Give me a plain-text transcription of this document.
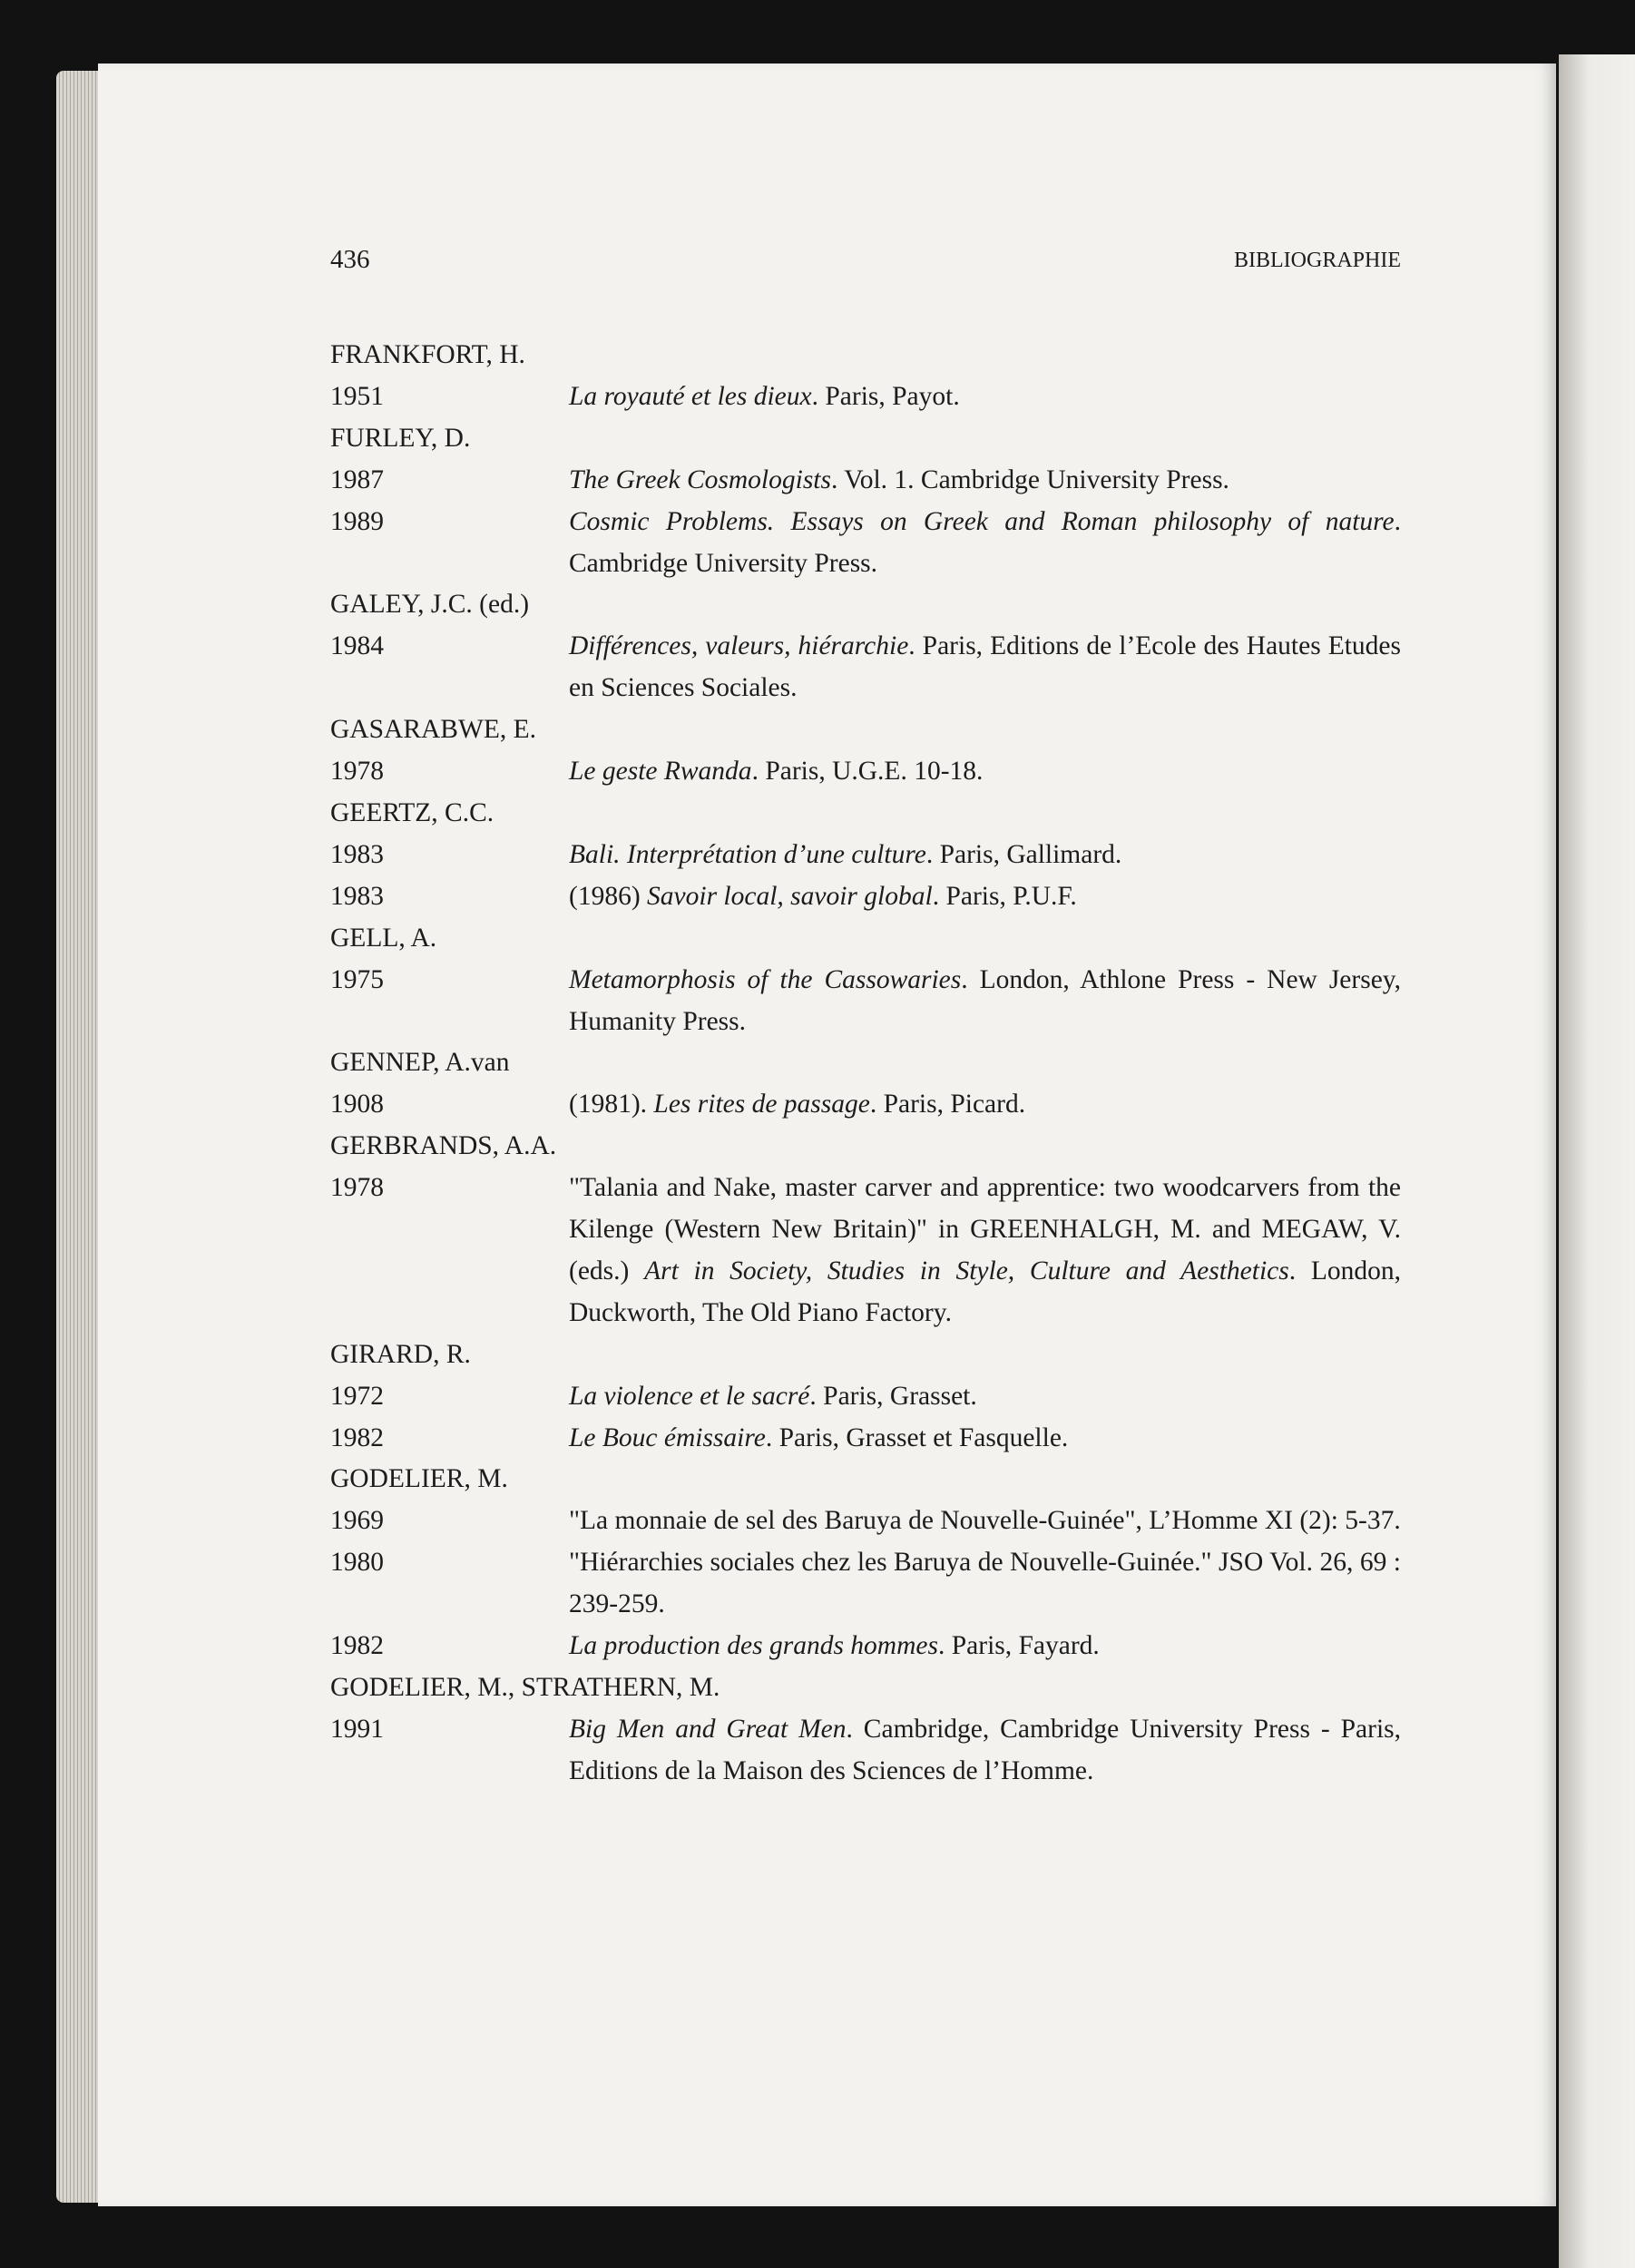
436	BIBLIOGRAPHIE
FRANKFORT, H.
1951	La royauté et les dieux. Paris, Payot.
FURLEY, D.
1987	The Greek Cosmologists. Vol. 1. Cambridge University Press.
1989	Cosmic Problems. Essays on Greek and Roman philosophy of nature. Cambridge University Press.
GALEY, J.C. (ed.)
1984	Différences, valeurs, hiérarchie. Paris, Editions de l’Ecole des Hautes Etudes en Sciences Sociales.
GASARABWE, E.
1978	Le geste Rwanda. Paris, U.G.E. 10-18.
GEERTZ, C.C.
1983	Bali. Interprétation d’une culture. Paris, Gallimard.
1983	(1986) Savoir local, savoir global. Paris, P.U.F.
GELL, A.
1975	Metamorphosis of the Cassowaries. London, Athlone Press - New Jersey, Humanity Press.
GENNEP, A.van
1908	(1981). Les rites de passage. Paris, Picard.
GERBRANDS, A.A.
1978	"Talania and Nake, master carver and apprentice: two woodcarvers from the Kilenge (Western New Britain)" in GREENHALGH, M. and MEGAW, V. (eds.) Art in Society, Studies in Style, Culture and Aesthetics. London, Duckworth, The Old Piano Factory.
GIRARD, R.
1972	La violence et le sacré. Paris, Grasset.
1982	Le Bouc émissaire. Paris, Grasset et Fasquelle.
GODELIER, M.
1969	"La monnaie de sel des Baruya de Nouvelle-Guinée", L’Homme XI (2): 5-37.
1980	"Hiérarchies sociales chez les Baruya de Nouvelle-Guinée." JSO Vol. 26, 69 : 239-259.
1982	La production des grands hommes. Paris, Fayard.
GODELIER, M., STRATHERN, M.
1991	Big Men and Great Men. Cambridge, Cambridge University Press - Paris, Editions de la Maison des Sciences de l’Homme.
